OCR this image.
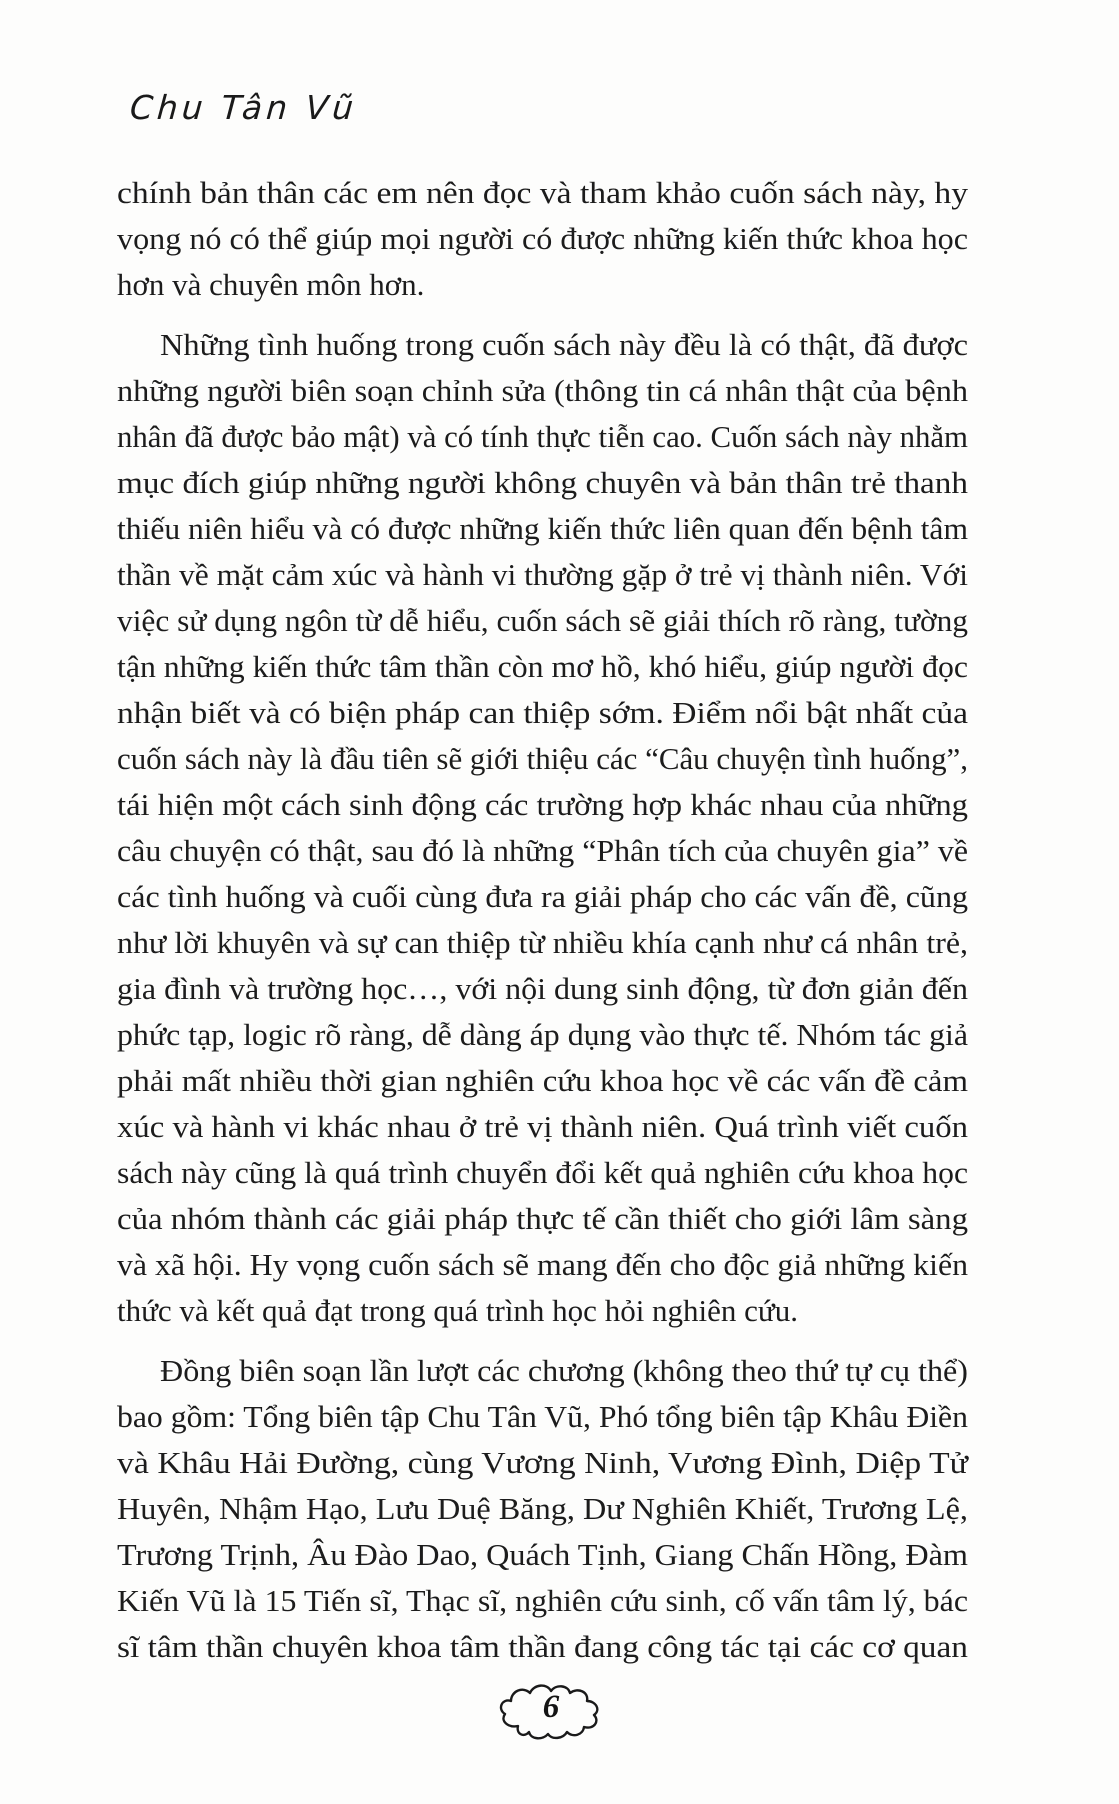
Chu Tân Vũ
chính bản thân các em nên đọc và tham khảo cuốn sách này, hy
vọng nó có thể giúp mọi người có được những kiến thức khoa học
hơn và chuyên môn hơn.
Những tình huống trong cuốn sách này đều là có thật, đã được
những người biên soạn chỉnh sửa (thông tin cá nhân thật của bệnh
nhân đã được bảo mật) và có tính thực tiễn cao. Cuốn sách này nhằm
mục đích giúp những người không chuyên và bản thân trẻ thanh
thiếu niên hiểu và có được những kiến thức liên quan đến bệnh tâm
thần về mặt cảm xúc và hành vi thường gặp ở trẻ vị thành niên. Với
việc sử dụng ngôn từ dễ hiểu, cuốn sách sẽ giải thích rõ ràng, tường
tận những kiến thức tâm thần còn mơ hồ, khó hiểu, giúp người đọc
nhận biết và có biện pháp can thiệp sớm. Điểm nổi bật nhất của
cuốn sách này là đầu tiên sẽ giới thiệu các “Câu chuyện tình huống”,
tái hiện một cách sinh động các trường hợp khác nhau của những
câu chuyện có thật, sau đó là những “Phân tích của chuyên gia” về
các tình huống và cuối cùng đưa ra giải pháp cho các vấn đề, cũng
như lời khuyên và sự can thiệp từ nhiều khía cạnh như cá nhân trẻ,
gia đình và trường học…, với nội dung sinh động, từ đơn giản đến
phức tạp, logic rõ ràng, dễ dàng áp dụng vào thực tế. Nhóm tác giả
phải mất nhiều thời gian nghiên cứu khoa học về các vấn đề cảm
xúc và hành vi khác nhau ở trẻ vị thành niên. Quá trình viết cuốn
sách này cũng là quá trình chuyển đổi kết quả nghiên cứu khoa học
của nhóm thành các giải pháp thực tế cần thiết cho giới lâm sàng
và xã hội. Hy vọng cuốn sách sẽ mang đến cho độc giả những kiến
thức và kết quả đạt trong quá trình học hỏi nghiên cứu.
Đồng biên soạn lần lượt các chương (không theo thứ tự cụ thể)
bao gồm: Tổng biên tập Chu Tân Vũ, Phó tổng biên tập Khâu Điền
và Khâu Hải Đường, cùng Vương Ninh, Vương Đình, Diệp Tử
Huyên, Nhậm Hạo, Lưu Duệ Băng, Dư Nghiên Khiết, Trương Lệ,
Trương Trịnh, Âu Đào Dao, Quách Tịnh, Giang Chấn Hồng, Đàm
Kiến Vũ là 15 Tiến sĩ, Thạc sĩ, nghiên cứu sinh, cố vấn tâm lý, bác
sĩ tâm thần chuyên khoa tâm thần đang công tác tại các cơ quan
6
